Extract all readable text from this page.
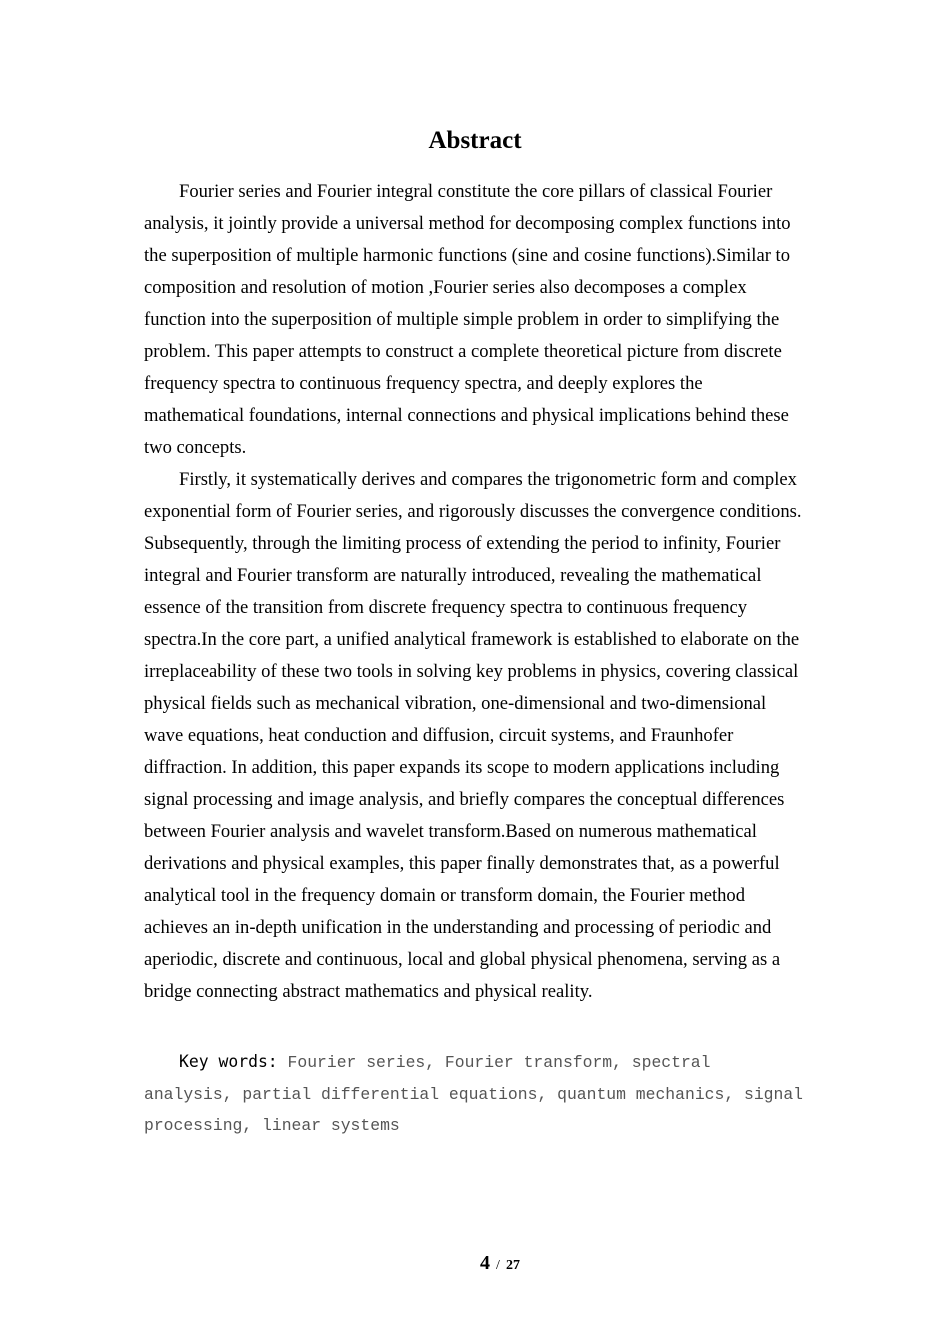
Abstract

Fourier series and Fourier integral constitute the core pillars of classical Fourier analysis, it jointly provide a universal method for decomposing complex functions into the superposition of multiple harmonic functions (sine and cosine functions).Similar to composition and resolution of motion ,Fourier series also decomposes a complex function into the superposition of multiple simple problem in order to simplifying the problem. This paper attempts to construct a complete theoretical picture from discrete frequency spectra to continuous frequency spectra, and deeply explores the mathematical foundations, internal connections and physical implications behind these two concepts.

Firstly, it systematically derives and compares the trigonometric form and complex exponential form of Fourier series, and rigorously discusses the convergence conditions. Subsequently, through the limiting process of extending the period to infinity, Fourier integral and Fourier transform are naturally introduced, revealing the mathematical essence of the transition from discrete frequency spectra to continuous frequency spectra.In the core part, a unified analytical framework is established to elaborate on the irreplaceability of these two tools in solving key problems in physics, covering classical physical fields such as mechanical vibration, one-dimensional and two-dimensional wave equations, heat conduction and diffusion, circuit systems, and Fraunhofer diffraction. In addition, this paper expands its scope to modern applications including signal processing and image analysis, and briefly compares the conceptual differences between Fourier analysis and wavelet transform.Based on numerous mathematical derivations and physical examples, this paper finally demonstrates that, as a powerful analytical tool in the frequency domain or transform domain, the Fourier method achieves an in-depth unification in the understanding and processing of periodic and aperiodic, discrete and continuous, local and global physical phenomena, serving as a bridge connecting abstract mathematics and physical reality.

Key words: Fourier series, Fourier transform, spectral analysis, partial differential equations, quantum mechanics, signal processing, linear systems
4 / 27
